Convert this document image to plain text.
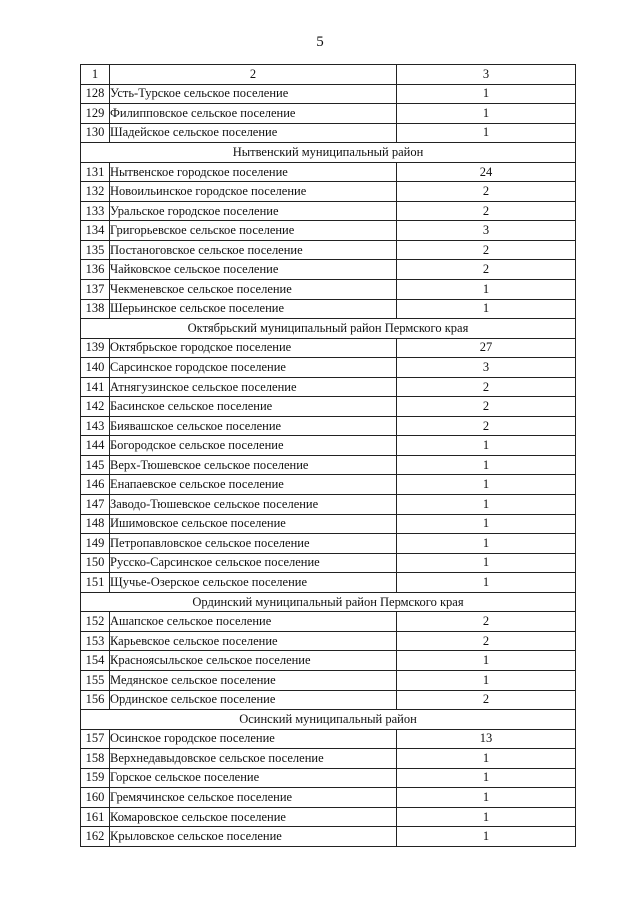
5
1	2	3
128	Усть-Турское сельское поселение	1
129	Филипповское сельское поселение	1
130	Шадейское сельское поселение	1
Нытвенский муниципальный район		
131	Нытвенское городское поселение	24
132	Новоильинское городское поселение	2
133	Уральское городское поселение	2
134	Григорьевское сельское поселение	3
135	Постаноговское сельское поселение	2
136	Чайковское сельское поселение	2
137	Чекменевское сельское поселение	1
138	Шерьинское сельское поселение	1
Октябрьский муниципальный район Пермского края		
139	Октябрьское городское поселение	27
140	Сарсинское городское поселение	3
141	Атнягузинское сельское поселение	2
142	Басинское сельское поселение	2
143	Бияваш​ское сельское поселение	2
144	Богородское сельское поселение	1
145	Верх-Тюшевское сельское поселение	1
146	Енапаевское сельское поселение	1
147	Заводо-Тюшевское сельское поселение	1
148	Ишимовское сельское поселение	1
149	Петропавловское сельское поселение	1
150	Русско-Сарсинское сельское поселение	1
151	Щучье-Озерское сельское поселение	1
Ординский муниципальный район Пермского края		
152	Ашапское сельское поселение	2
153	Карьевское сельское поселение	2
154	Красноясыльское сельское поселение	1
155	Медянское сельское поселение	1
156	Ординское сельское поселение	2
Осинский муниципальный район		
157	Осинское городское поселение	13
158	Верхнедавыдовское сельское поселение	1
159	Горское сельское поселение	1
160	Гремячинское сельское поселение	1
161	Комаровское сельское поселение	1
162	Крыловское сельское поселение	1
